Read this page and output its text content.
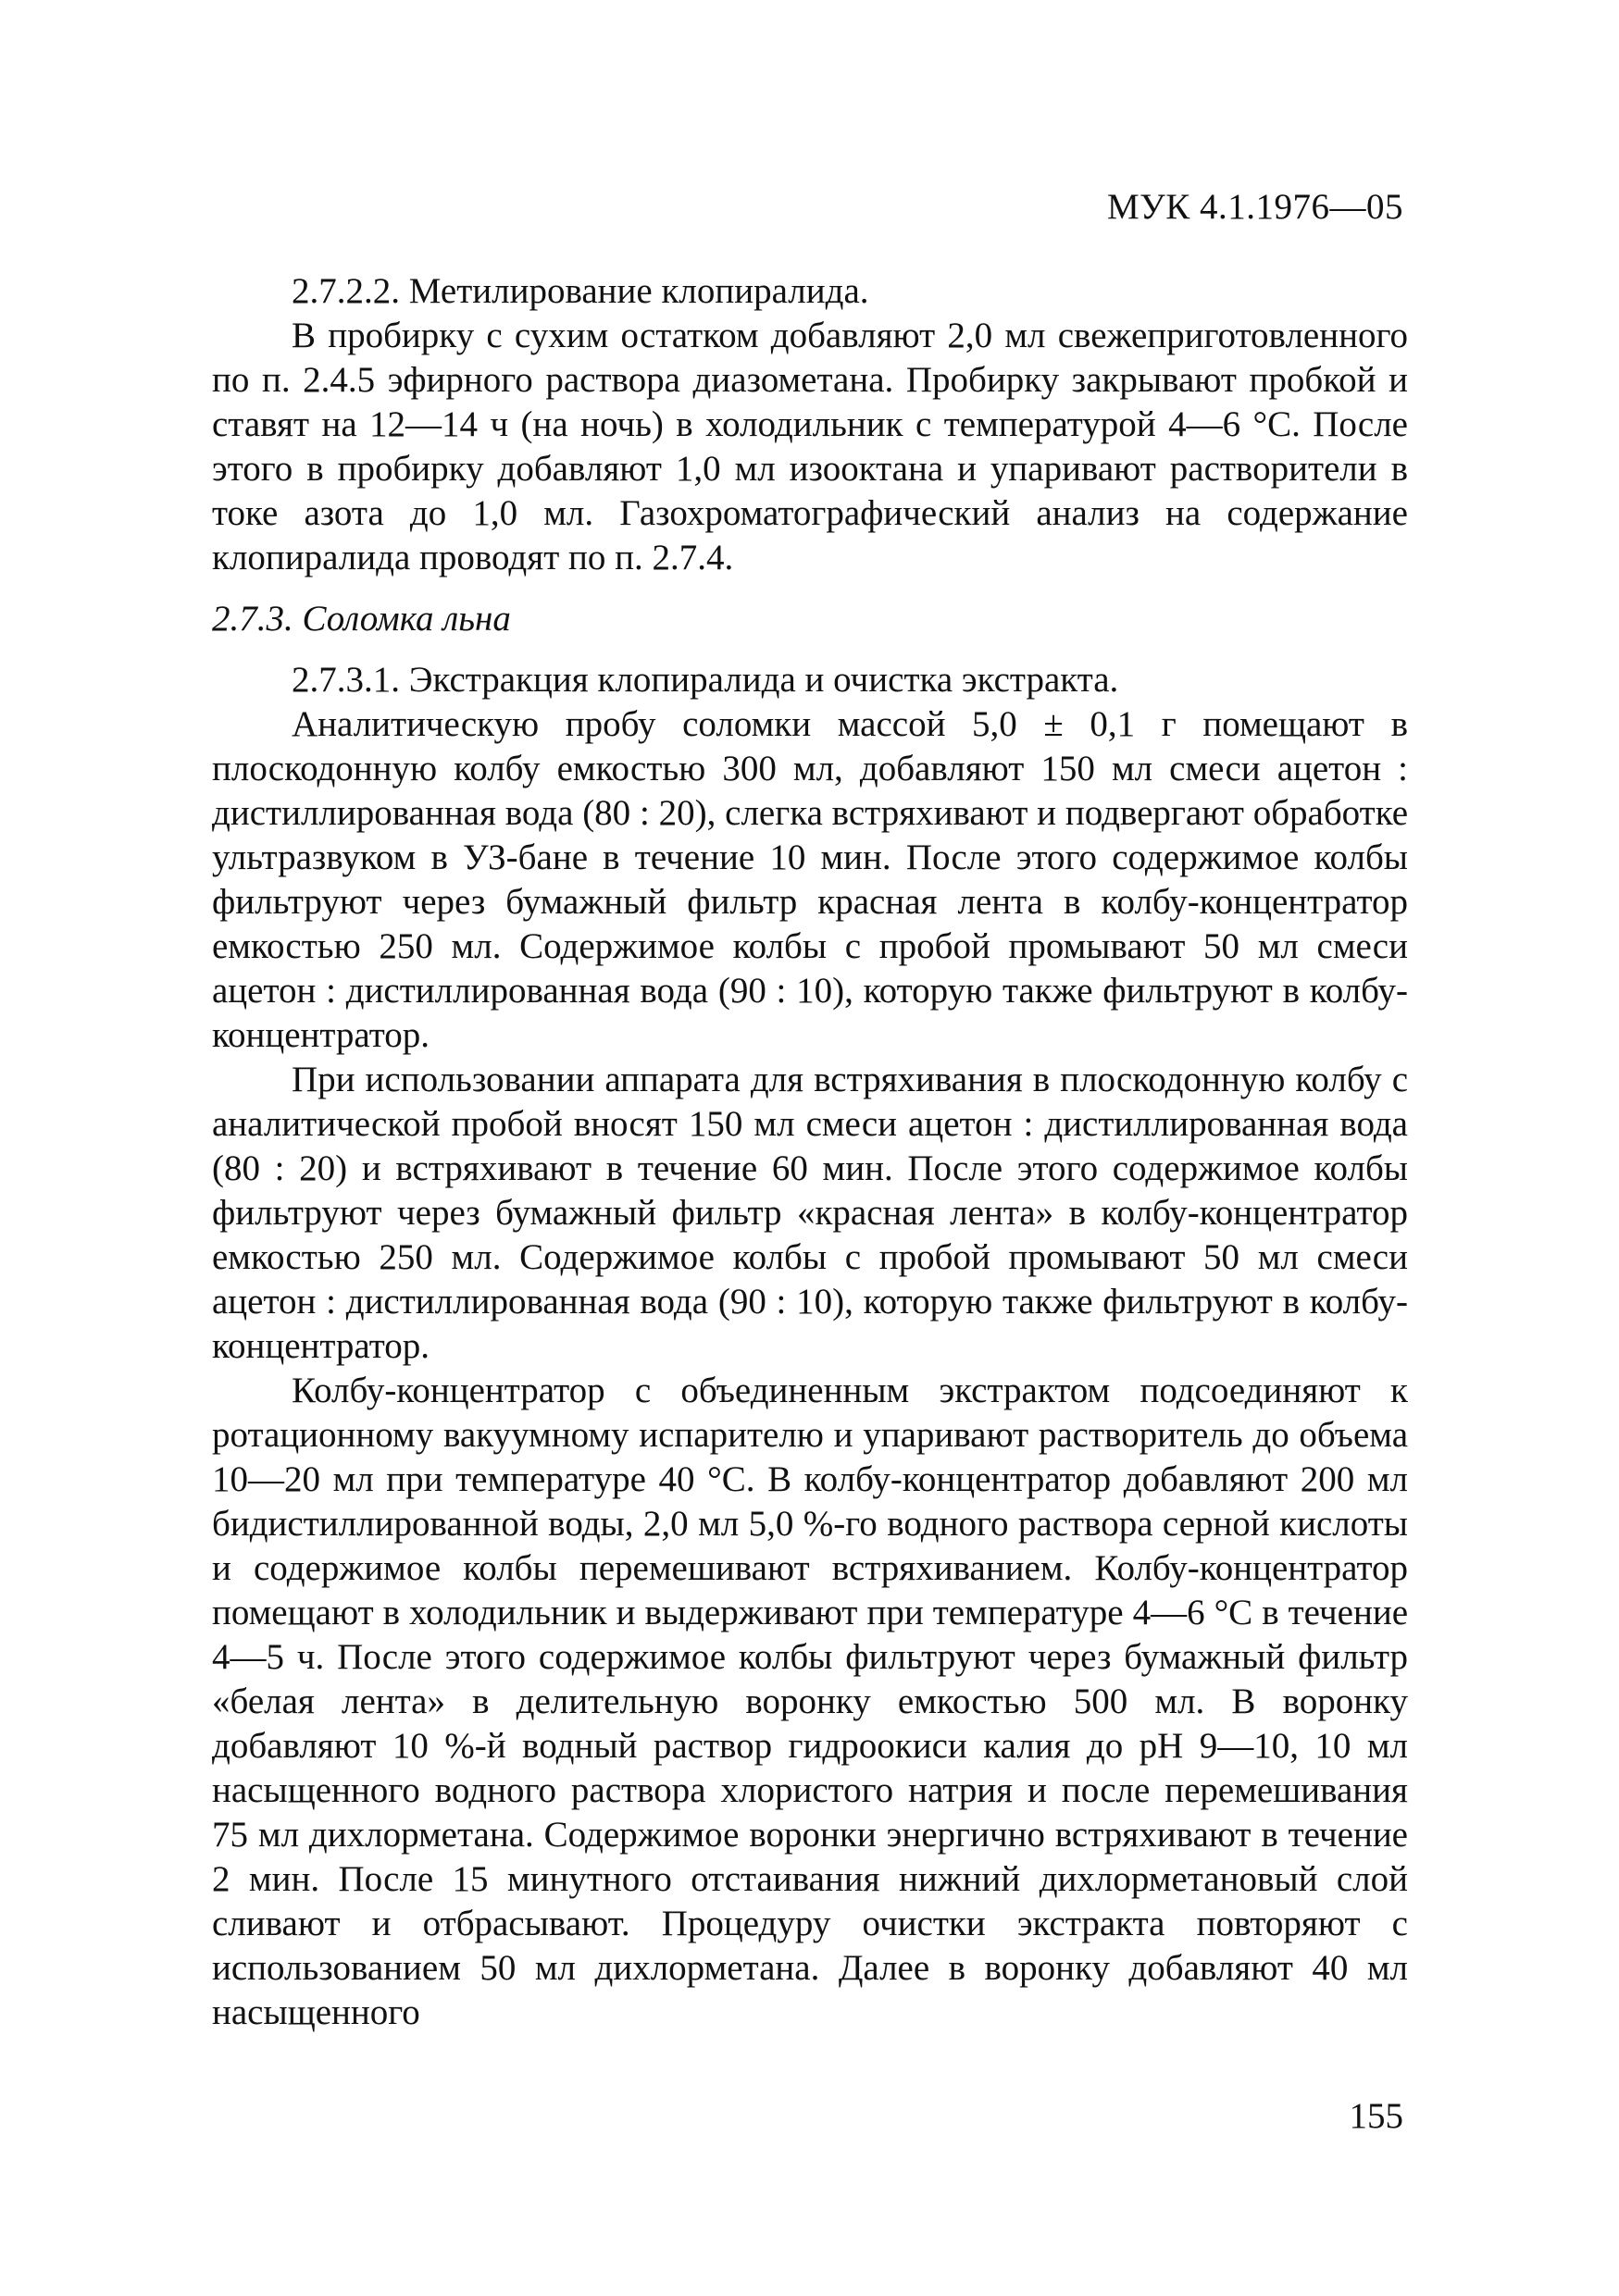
МУК 4.1.1976—05

2.7.2.2. Метилирование клопиралида.

В пробирку с сухим остатком добавляют 2,0 мл свежеприготовленного по п. 2.4.5 эфирного раствора диазометана. Пробирку закрывают пробкой и ставят на 12—14 ч (на ночь) в холодильник с температурой 4—6 °С. После этого в пробирку добавляют 1,0 мл изооктана и упаривают растворители в токе азота до 1,0 мл. Газохроматографический анализ на содержание клопиралида проводят по п. 2.7.4.

2.7.3. Соломка льна

2.7.3.1. Экстракция клопиралида и очистка экстракта.

Аналитическую пробу соломки массой 5,0 ± 0,1 г помещают в плоскодонную колбу емкостью 300 мл, добавляют 150 мл смеси ацетон : дистиллированная вода (80 : 20), слегка встряхивают и подвергают обработке ультразвуком в УЗ-бане в течение 10 мин. После этого содержимое колбы фильтруют через бумажный фильтр красная лента в колбу-концентратор емкостью 250 мл. Содержимое колбы с пробой промывают 50 мл смеси ацетон : дистиллированная вода (90 : 10), которую также фильтруют в колбу-концентратор.

При использовании аппарата для встряхивания в плоскодонную колбу с аналитической пробой вносят 150 мл смеси ацетон : дистиллированная вода (80 : 20) и встряхивают в течение 60 мин. После этого содержимое колбы фильтруют через бумажный фильтр «красная лента» в колбу-концентратор емкостью 250 мл. Содержимое колбы с пробой промывают 50 мл смеси ацетон : дистиллированная вода (90 : 10), которую также фильтруют в колбу-концентратор.

Колбу-концентратор с объединенным экстрактом подсоединяют к ротационному вакуумному испарителю и упаривают растворитель до объема 10—20 мл при температуре 40 °С. В колбу-концентратор добавляют 200 мл бидистиллированной воды, 2,0 мл 5,0 %-го водного раствора серной кислоты и содержимое колбы перемешивают встряхиванием. Колбу-концентратор помещают в холодильник и выдерживают при температуре 4—6 °С в течение 4—5 ч. После этого содержимое колбы фильтруют через бумажный фильтр «белая лента» в делительную воронку емкостью 500 мл. В воронку добавляют 10 %-й водный раствор гидроокиси калия до рН 9—10, 10 мл насыщенного водного раствора хлористого натрия и после перемешивания 75 мл дихлорметана. Содержимое воронки энергично встряхивают в течение 2 мин. После 15 минутного отстаивания нижний дихлорметановый слой сливают и отбрасывают. Процедуру очистки экстракта повторяют с использованием 50 мл дихлорметана. Далее в воронку добавляют 40 мл насыщенного

155
